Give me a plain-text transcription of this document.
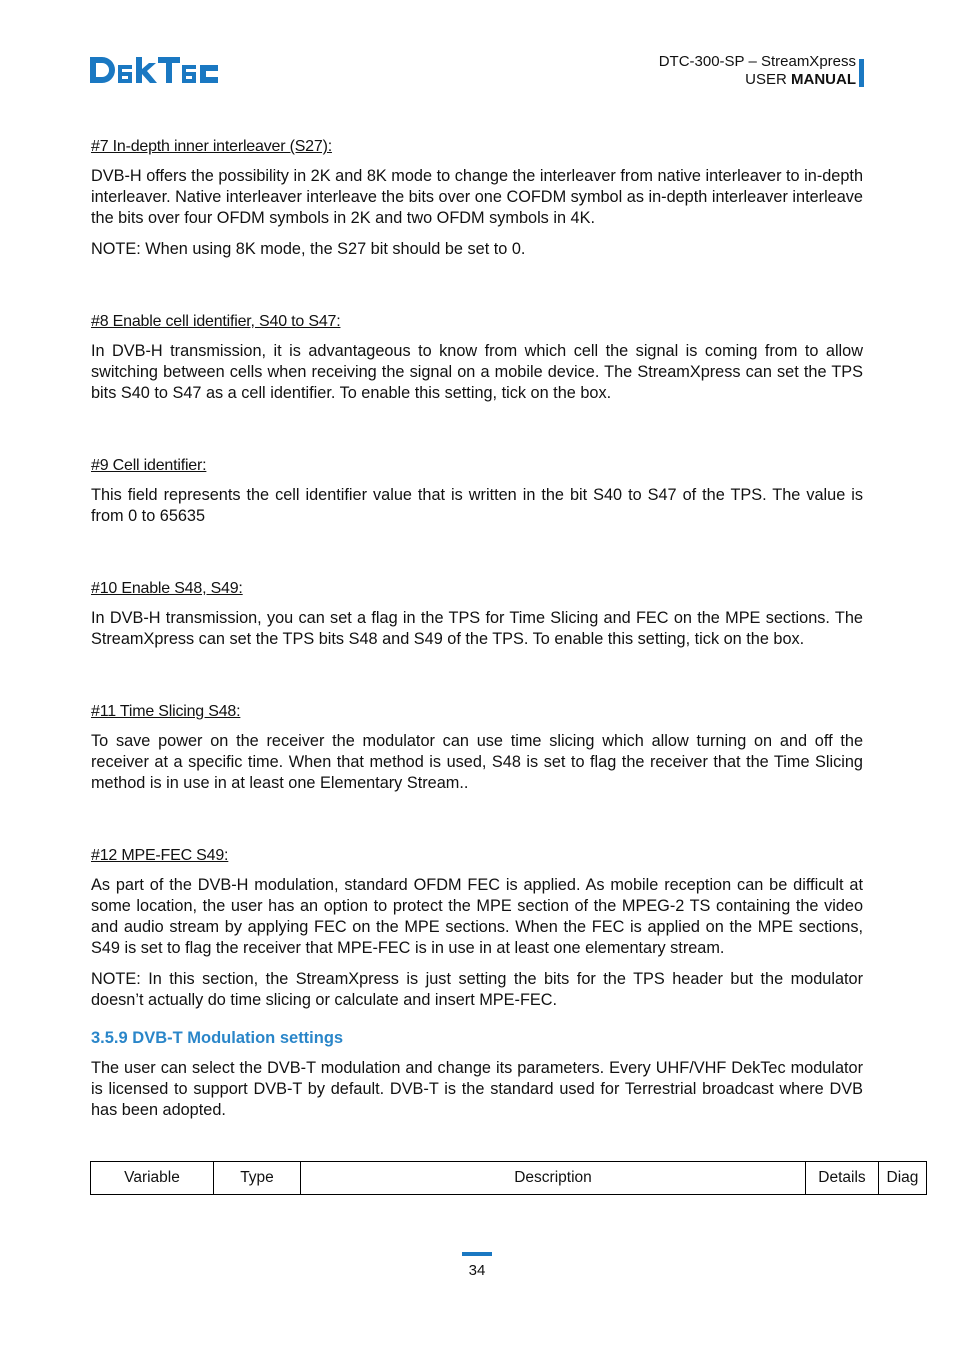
DTC-300-SP – StreamXpress
USER MANUAL
#7 In-depth inner interleaver (S27):

DVB-H offers the possibility in 2K and 8K mode to change the interleaver from native interleaver to in-depth interleaver. Native interleaver interleave the bits over one COFDM symbol as in-depth interleaver interleave the bits over four OFDM symbols in 2K and two OFDM symbols in 4K.

NOTE: When using 8K mode, the S27 bit should be set to 0.

#8 Enable cell identifier, S40 to S47:

In DVB-H transmission, it is advantageous to know from which cell the signal is coming from to allow switching between cells when receiving the signal on a mobile device. The StreamXpress can set the TPS bits S40 to S47 as a cell identifier. To enable this setting, tick on the box.

#9 Cell identifier:

This field represents the cell identifier value that is written in the bit S40 to S47 of the TPS. The value is from 0 to 65635

#10 Enable S48, S49:

In DVB-H transmission, you can set a flag in the TPS for Time Slicing and FEC on the MPE sections. The StreamXpress can set the TPS bits S48 and S49 of the TPS. To enable this setting, tick on the box.

#11 Time Slicing S48:

To save power on the receiver the modulator can use time slicing which allow turning on and off the receiver at a specific time. When that method is used, S48 is set to flag the receiver that the Time Slicing method is in use in at least one Elementary Stream..

#12 MPE-FEC S49:

As part of the DVB-H modulation, standard OFDM FEC is applied. As mobile reception can be difficult at some location, the user has an option to protect the MPE section of the MPEG-2 TS containing the video and audio stream by applying FEC on the MPE sections. When the FEC is applied on the MPE sections, S49 is set to flag the receiver that MPE-FEC is in use in at least one elementary stream.

NOTE: In this section, the StreamXpress is just setting the bits for the TPS header but the modulator doesn’t actually do time slicing or calculate and insert MPE-FEC.

3.5.9 DVB-T Modulation settings

The user can select the DVB-T modulation and change its parameters. Every UHF/VHF DekTec modulator is licensed to support DVB-T by default. DVB-T is the standard used for Terrestrial broadcast where DVB has been adopted.

Variable	Type	Description	Details	Diag
34
